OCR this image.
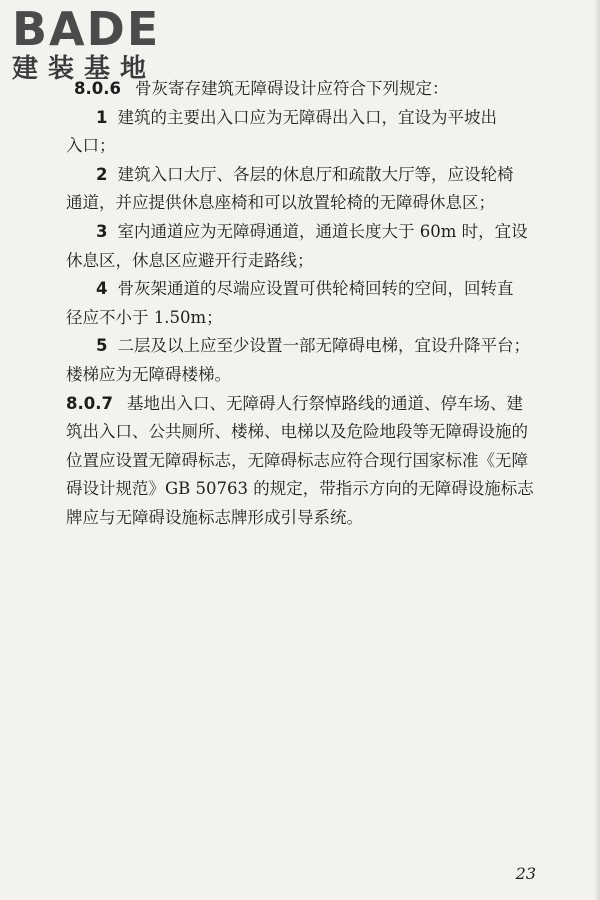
BADE
建装基地
8.0.6 骨灰寄存建筑无障碍设计应符合下列规定：
1 建筑的主要出入口应为无障碍出入口，宜设为平坡出
入口；
2 建筑入口大厅、各层的休息厅和疏散大厅等，应设轮椅
通道，并应提供休息座椅和可以放置轮椅的无障碍休息区；
3 室内通道应为无障碍通道，通道长度大于 60m 时，宜设
休息区，休息区应避开行走路线；
4 骨灰架通道的尽端应设置可供轮椅回转的空间，回转直
径应不小于 1.50m；
5 二层及以上应至少设置一部无障碍电梯，宜设升降平台；
楼梯应为无障碍楼梯。
8.0.7 基地出入口、无障碍人行祭悼路线的通道、停车场、建
筑出入口、公共厕所、楼梯、电梯以及危险地段等无障碍设施的
位置应设置无障碍标志，无障碍标志应符合现行国家标准《无障
碍设计规范》GB 50763 的规定，带指示方向的无障碍设施标志
牌应与无障碍设施标志牌形成引导系统。
23
